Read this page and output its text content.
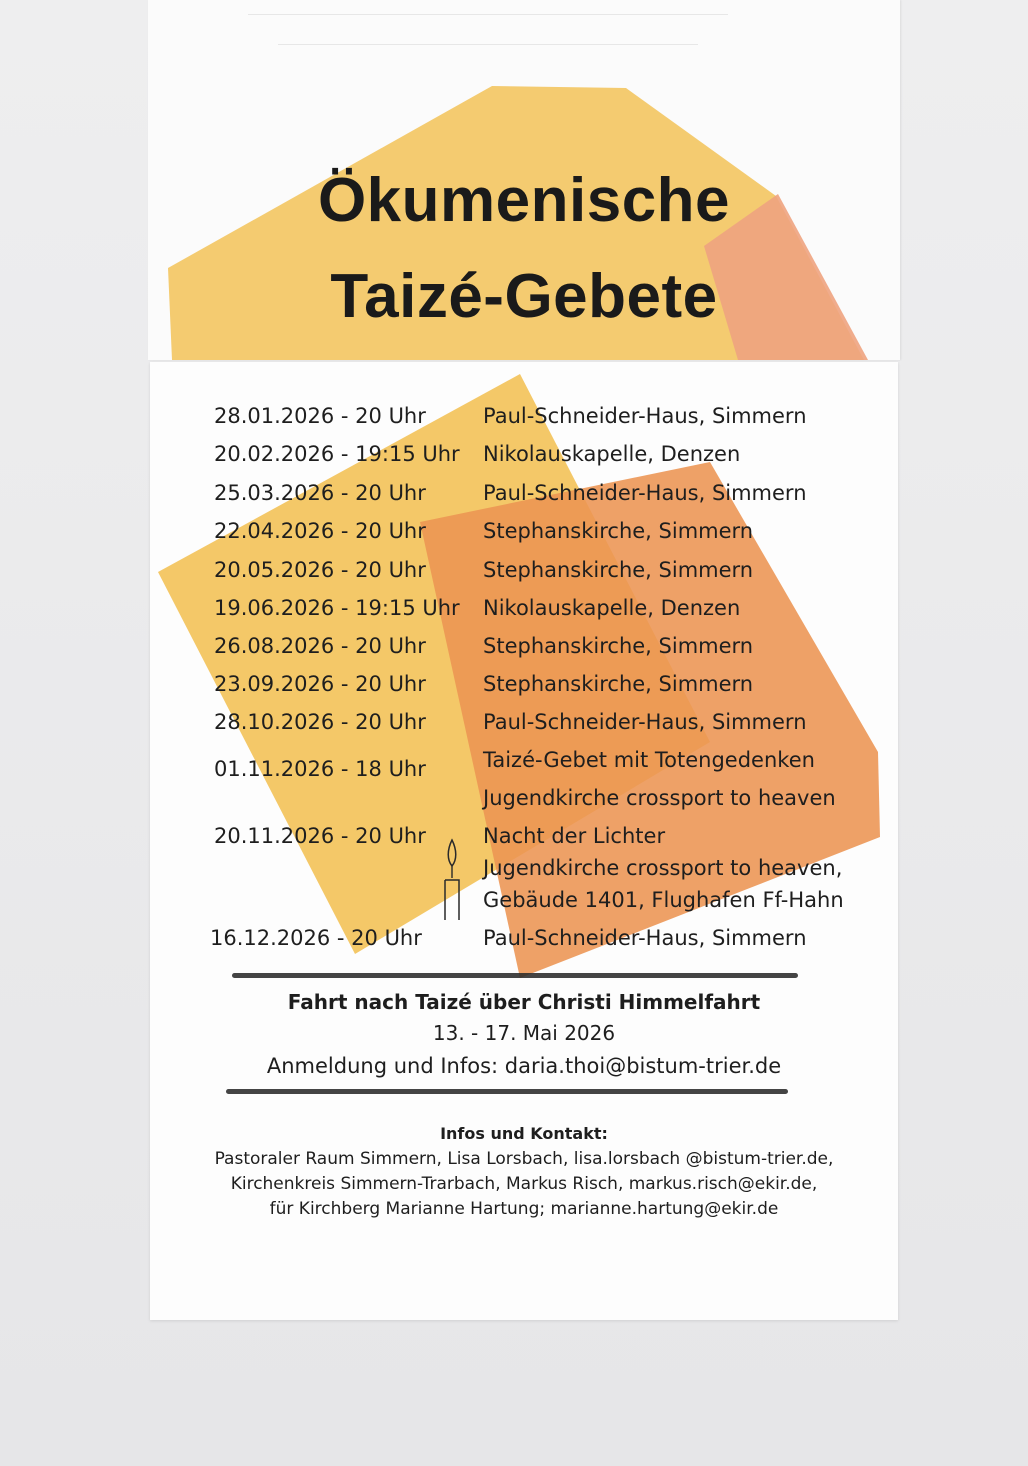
Ökumenische
Taizé-Gebete
28.01.2026 - 20 Uhr	Paul-Schneider-Haus, Simmern
20.02.2026 - 19:15 Uhr Nikolauskapelle, Denzen
25.03.2026 - 20 Uhr	Paul-Schneider-Haus, Simmern
22.04.2026 - 20 Uhr	Stephanskirche, Simmern
20.05.2026 - 20 Uhr	Stephanskirche, Simmern
19.06.2026 - 19:15 Uhr Nikolauskapelle, Denzen
26.08.2026 - 20 Uhr	Stephanskirche, Simmern
23.09.2026 - 20 Uhr	Stephanskirche, Simmern
28.10.2026 - 20 Uhr	Paul-Schneider-Haus, Simmern
01.11.2026 - 18 Uhr	Taizé-Gebet mit Totengedenken
Jugendkirche crossport to heaven
20.11.2026 - 20 Uhr	Nacht der Lichter
Jugendkirche crossport to heaven,
Gebäude 1401, Flughafen Ff-Hahn
16.12.2026 - 20 Uhr	Paul-Schneider-Haus, Simmern
Fahrt nach Taizé über Christi Himmelfahrt
13. - 17. Mai 2026
Anmeldung und Infos: daria.thoi@bistum-trier.de
Infos und Kontakt:
Pastoraler Raum Simmern, Lisa Lorsbach, lisa.lorsbach @bistum-trier.de,
Kirchenkreis Simmern-Trarbach, Markus Risch, markus.risch@ekir.de,
für Kirchberg Marianne Hartung; marianne.hartung@ekir.de
